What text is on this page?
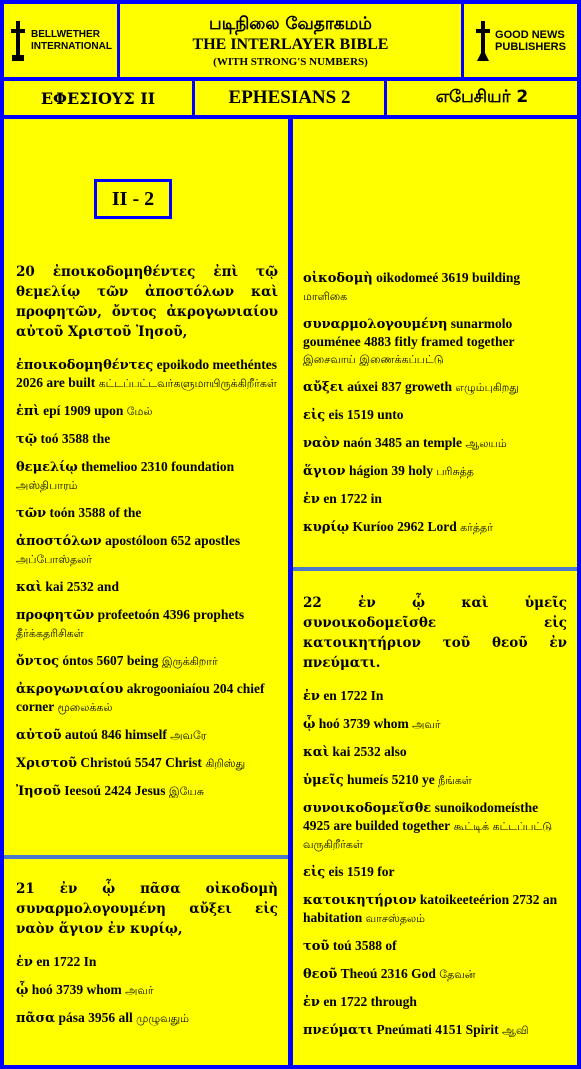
BELLWETHER
INTERNATIONAL
படிநிலை வேதாகமம்
THE INTERLAYER BIBLE
(WITH STRONG'S NUMBERS)
GOOD NEWS
PUBLISHERS
ΕΦΕΣΙΟΥΣ II	EPHESIANS 2	எபேசியர் 2
II - 2
20 ἐποικοδομηθέντες ἐπὶ τῷ θεμελίῳ τῶν ἀποστόλων καὶ προφητῶν, ὄντος ἀκρογωνιαίου αὐτοῦ Χριστοῦ Ἰησοῦ,
ἐποικοδομηθέντες epoikodo meethéntes 2026 are built கட்டப்பட்டவர்களுமாயிருக்கிறீர்கள்
ἐπὶ epí 1909 upon மேல்
τῷ toó 3588 the
θεμελίῳ themelioo 2310 foundation அஸ்திபாரம்
τῶν toón 3588 of the
ἀποστόλων apostóloon 652 apostles அப்போஸ்தலர்
καὶ kai 2532 and
προφητῶν profeetoón 4396 prophets தீர்க்கதரிசிகள்
ὄντος óntos 5607 being இருக்கிறார்
ἀκρογωνιαίου akrogooniaíou 204 chief corner மூலைக்கல்
αὐτοῦ autoú 846 himself அவரே
Χριστοῦ Christoú 5547 Christ கிறிஸ்து
Ἰησοῦ Ieesoú 2424 Jesus இயேசு
21 ἐν ᾧ πᾶσα οἰκοδομὴ συναρμολογουμένη αὔξει εἰς ναὸν ἅγιον ἐν κυρίῳ,
ἐν en 1722 In
ᾧ hoó 3739 whom அவர்
πᾶσα pása 3956 all முழுவதும்
οἰκοδομὴ oikodomeé 3619 building மாளிகை
συναρμολογουμένη sunarmolo gouménee 4883 fitly framed together இசைவாய் இணைக்கப்பட்டு
αὔξει aúxei 837 groweth எழும்புகிறது
εἰς eis 1519 unto
ναὸν naón 3485 an temple ஆலயம்
ἅγιον hágion 39 holy பரிசுத்த
ἐν en 1722 in
κυρίῳ Kuríoo 2962 Lord கர்த்தர்
22 ἐν ᾧ καὶ ὑμεῖς συνοικοδομεῖσθε εἰς κατοικητήριον τοῦ θεοῦ ἐν πνεύματι.
ἐν en 1722 In
ᾧ hoó 3739 whom அவர்
καὶ kai 2532 also
ὑμεῖς humeís 5210 ye நீங்கள்
συνοικοδομεῖσθε sunoikodomeísthe 4925 are builded together கூட்டிக் கட்டப்பட்டு வருகிறீர்கள்
εἰς eis 1519 for
κατοικητήριον katoikeeteérion 2732 an habitation வாசஸ்தலம்
τοῦ toú 3588 of
θεοῦ Theoú 2316 God தேவன்
ἐν en 1722 through
πνεύματι Pneúmati 4151 Spirit ஆவி
